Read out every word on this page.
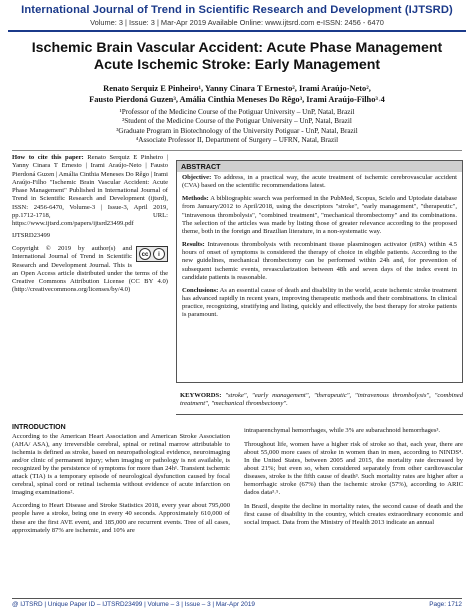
International Journal of Trend in Scientific Research and Development (IJTSRD)
Volume: 3 | Issue: 3 | Mar-Apr 2019 Available Online: www.ijtsrd.com e-ISSN: 2456 - 6470
Ischemic Brain Vascular Accident: Acute Phase Management
Acute Ischemic Stroke: Early Management
Renato Serquiz E Pinheiro¹, Yanny Cinara T Ernesto², Irami Araújo-Neto²,
Fausto Pierdoná Guzen³, Amália Cinthia Meneses Do Rêgo³, Irami Araújo-Filho³˒4
¹Professor of the Medicine Course of the Potiguar University – UnP, Natal, Brazil
²Student of the Medicine Course of the Potiguar University – UnP, Natal, Brazil
³Graduate Program in Biotechnology of the University Potiguar - UnP, Natal, Brazil
⁴Associate Professor II, Department of Surgery – UFRN, Natal, Brazil
How to cite this paper: Renato Serquiz E Pinheiro | Yanny Cinara T Ernesto | Irami Araújo-Neto | Fausto Pierdoná Guzen | Amália Cinthia Meneses Do Rêgo | Irami Araújo-Filho "Ischemic Brain Vascular Accident: Acute Phase Management" Published in International Journal of Trend in Scientific Research and Development (ijtsrd), ISSN: 2456-6470, Volume-3 | Issue-3, April 2019, pp.1712-1718, URL: https://www.ijtsrd.com/papers/ijtsrd23499.pdf
IJTSRD23499
cc	i
Copyright © 2019 by author(s) and International Journal of Trend in Scientific Research and Development Journal. This is an Open Access article distributed under the terms of the Creative Commons Attribution License (CC BY 4.0) (http://creativecommons.org/licenses/by/4.0)
ABSTRACT

Objective: To address, in a practical way, the acute treatment of ischemic cerebrovascular accident (CVA) based on the scientific recommendations latest.

Methods: A bibliographic search was performed in the PubMed, Scopus, Scielo and Uptodate database from January/2012 to April/2018, using the descriptors "stroke", "early management", "therapeutic", "intravenous thrombolysis", "combined treatment", "mechanical thrombectomy" and its combinations. The selection of the articles was made by listing those of greater relevance according to the proposed theme, both in the foreign and Brazilian literature, in a non-systematic way.

Results: Intravenous thrombolysis with recombinant tissue plasminogen activator (rtPA) within 4.5 hours of onset of symptoms is considered the therapy of choice in eligible patients. According to the new guidelines, mechanical thrombectomy can be performed within 24h and, for prevention of subsequent ischemic events, revascularization between 48h and seven days of the index event in candidate patients is reasonable.

Conclusions: As an essential cause of death and disability in the world, acute ischemic stroke treatment has advanced rapidly in recent years, improving therapeutic methods and their combinations. In clinical practice, recognizing, stratifying and listing, quickly and effectively, the best therapy for stroke patients is paramount.

KEYWORDS: "stroke", "early management", "therapeutic", "intravenous thrombolysis", "combined treatment", "mechanical thrombectomy".
INTRODUCTION

According to the American Heart Association and American Stroke Association (AHA/ ASA), any irreversible cerebral, spinal or retinal marrow attributable to ischemia is defined as stroke, based on neuropathological evidence, neuroimaging and/or clinic of permanent injury; when imaging or pathology is not available, is recognized by the persistence of symptoms for more than 24h¹. Transient ischemic attack (TIA) is a temporary episode of neurological dysfunction caused by focal cerebral, spinal cord or retinal ischemia without evidence of acute infarction on imaging examinations².

According to Heart Disease and Stroke Statistics 2018, every year about 795,000 people have a stroke, being one in every 40 seconds. Approximately 610,000 of these are the first AVE event, and 185,000 are recurrent events. Tree of all cases, approximately 87% are ischemic, and 10% are

intraparenchymal hemorrhages, while 3% are subarachnoid hemorrhages³.

Throughout life, women have a higher risk of stroke so that, each year, there are about 55,000 more cases of stroke in women than in men, according to NINDS⁴. In the United States, between 2005 and 2015, the mortality rate decreased by about 21%; but even so, when considered separately from other cardiovascular diseases, stroke is the fifth cause of death³. Such mortality rates are higher after a hemorrhagic stroke (67%) than the ischemic stroke (57%), according to ARIC dados data³˒⁵.

In Brazil, despite the decline in mortality rates, the second cause of death and the first cause of disability in the country, which creates extraordinary economic and social impact. Data from the Ministry of Health 2013 indicate an annual

@ IJTSRD | Unique Paper ID – IJTSRD23499 | Volume – 3 | Issue – 3 | Mar-Apr 2019	Page: 1712
